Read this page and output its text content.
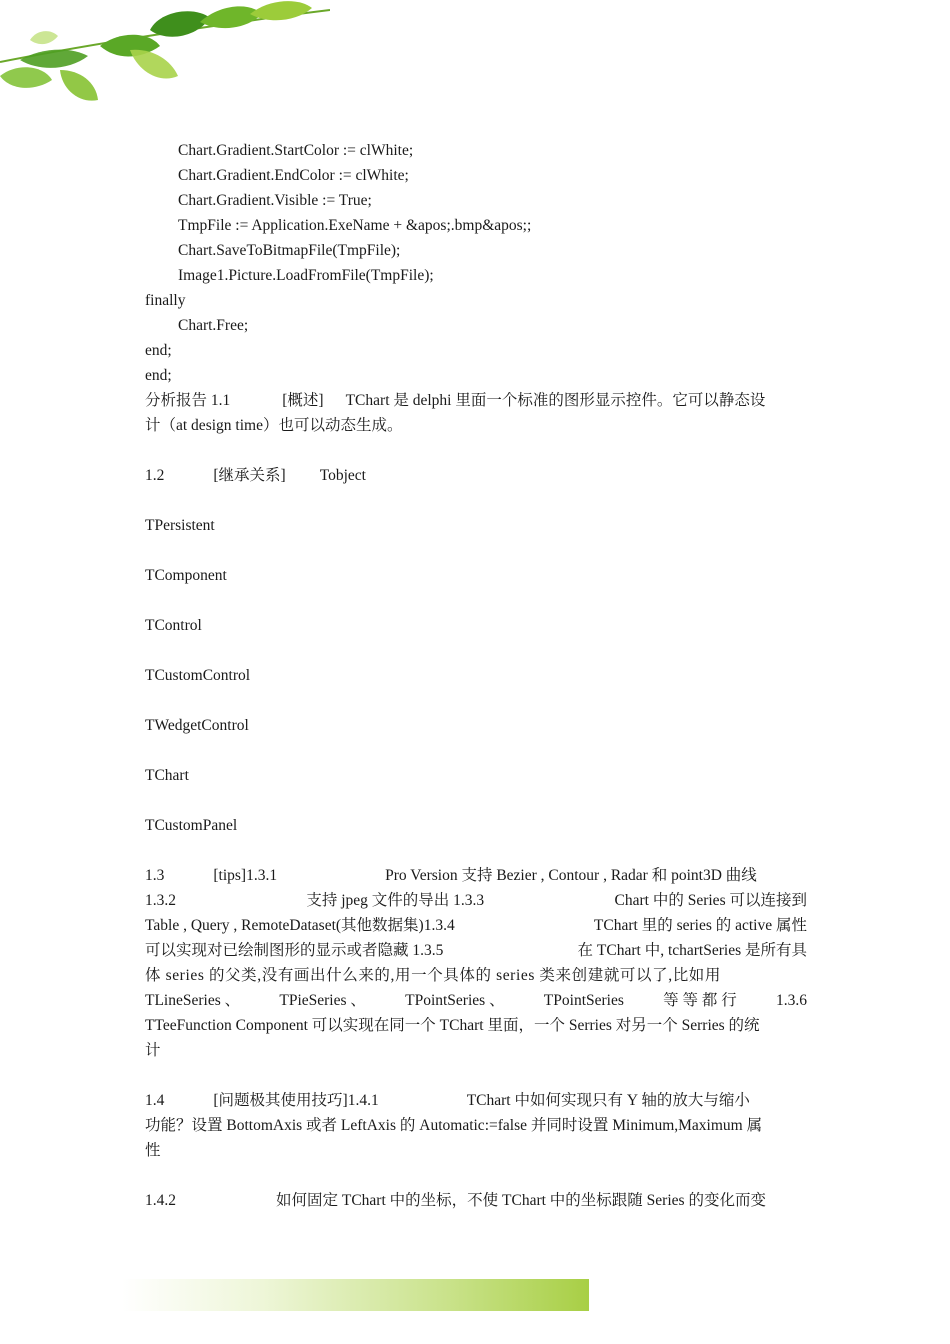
Chart.Gradient.StartColor := clWhite;
Chart.Gradient.EndColor := clWhite;
Chart.Gradient.Visible := True;
TmpFile := Application.ExeName + &apos;.bmp&apos;;
Chart.SaveToBitmapFile(TmpFile);
Image1.Picture.LoadFromFile(TmpFile);
finally
Chart.Free;
end;
end;
分析报告 1.1	[概述] TChart 是 delphi 里面一个标准的图形显示控件。它可以静态设
计（at design time）也可以动态生成。
1.2	[继承关系] Tobject
TPersistent
TComponent
TControl
TCustomControl
TWedgetControl
TChart
TCustomPanel
1.3	[tips]1.3.1	Pro Version 支持 Bezier , Contour , Radar 和 point3D 曲线
1.3.2	支持 jpeg 文件的导出 1.3.3	Chart 中的 Series 可以连接到
Table , Query , RemoteDataset(其他数据集)1.3.4	TChart 里的 series 的 active 属性
可以实现对已绘制图形的显示或者隐藏 1.3.5	在 TChart 中, tchartSeries 是所有具
体 series 的父类,没有画出什么来的,用一个具体的 series 类来创建就可以了,比如用
TLineSeries 、	TPieSeries 、	TPointSeries 、	TPointSeries	等 等 都 行	1.3.6
TTeeFunction Component 可以实现在同一个 TChart 里面，一个 Serries 对另一个 Serries 的统
计
1.4	[问题极其使用技巧]1.4.1	TChart 中如何实现只有 Y 轴的放大与缩小
功能？设置 BottomAxis 或者 LeftAxis 的 Automatic:=false 并同时设置 Minimum,Maximum 属
性
1.4.2	如何固定 TChart 中的坐标，不使 TChart 中的坐标跟随 Series 的变化而变
